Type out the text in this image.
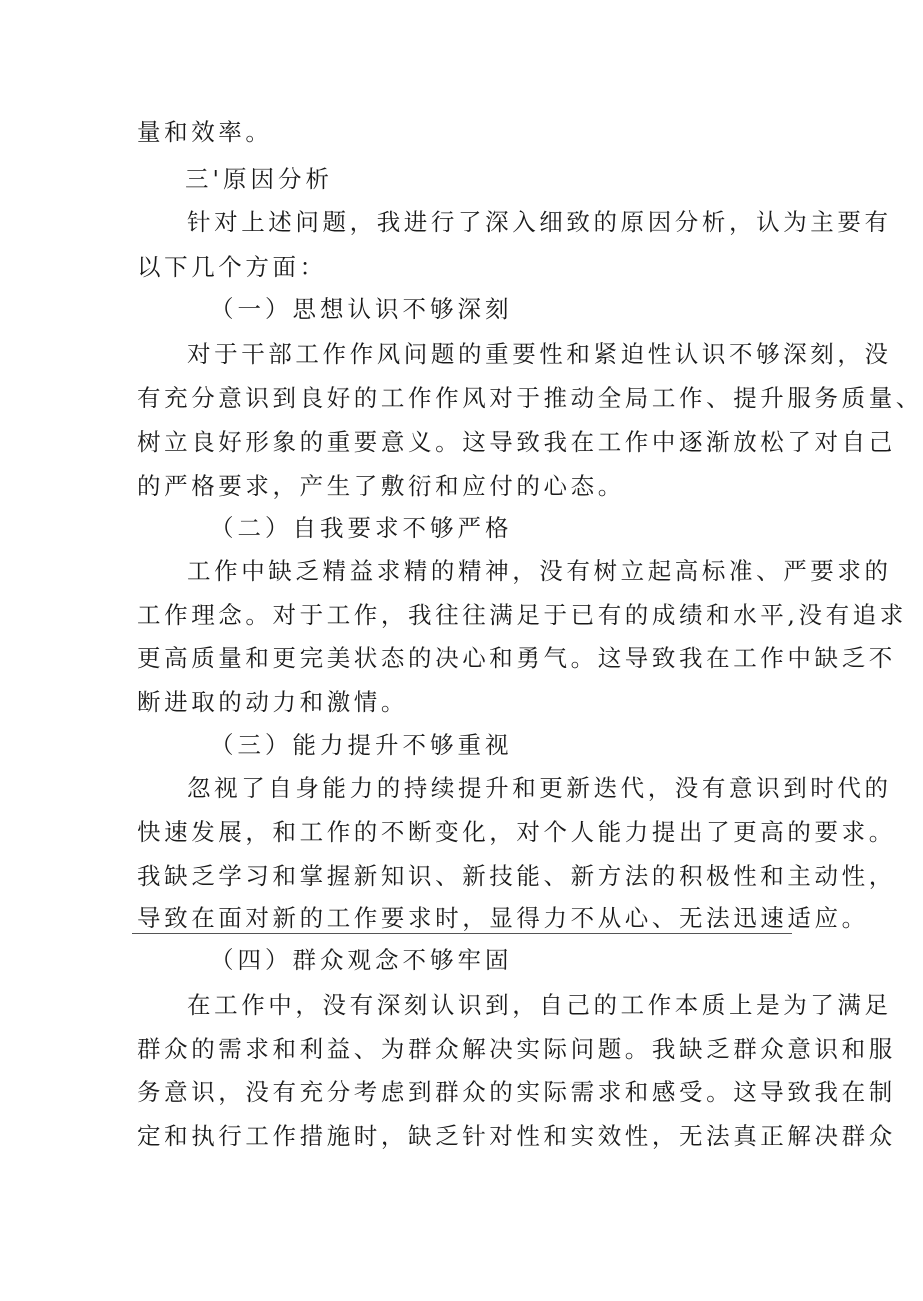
量和效率。
三'原因分析
针对上述问题，我进行了深入细致的原因分析，认为主要有
以下几个方面：
（一）思想认识不够深刻
对于干部工作作风问题的重要性和紧迫性认识不够深刻，没
有充分意识到良好的工作作风对于推动全局工作、提升服务质量、
树立良好形象的重要意义。这导致我在工作中逐渐放松了对自己
的严格要求，产生了敷衍和应付的心态。
（二）自我要求不够严格
工作中缺乏精益求精的精神，没有树立起高标准、严要求的
工作理念。对于工作，我往往满足于已有的成绩和水平,没有追求
更高质量和更完美状态的决心和勇气。这导致我在工作中缺乏不
断进取的动力和激情。
（三）能力提升不够重视
忽视了自身能力的持续提升和更新迭代，没有意识到时代的
快速发展，和工作的不断变化，对个人能力提出了更高的要求。
我缺乏学习和掌握新知识、新技能、新方法的积极性和主动性，
导致在面对新的工作要求时，显得力不从心、无法迅速适应。
（四）群众观念不够牢固
在工作中，没有深刻认识到，自己的工作本质上是为了满足
群众的需求和利益、为群众解决实际问题。我缺乏群众意识和服
务意识，没有充分考虑到群众的实际需求和感受。这导致我在制
定和执行工作措施时，缺乏针对性和实效性，无法真正解决群众
